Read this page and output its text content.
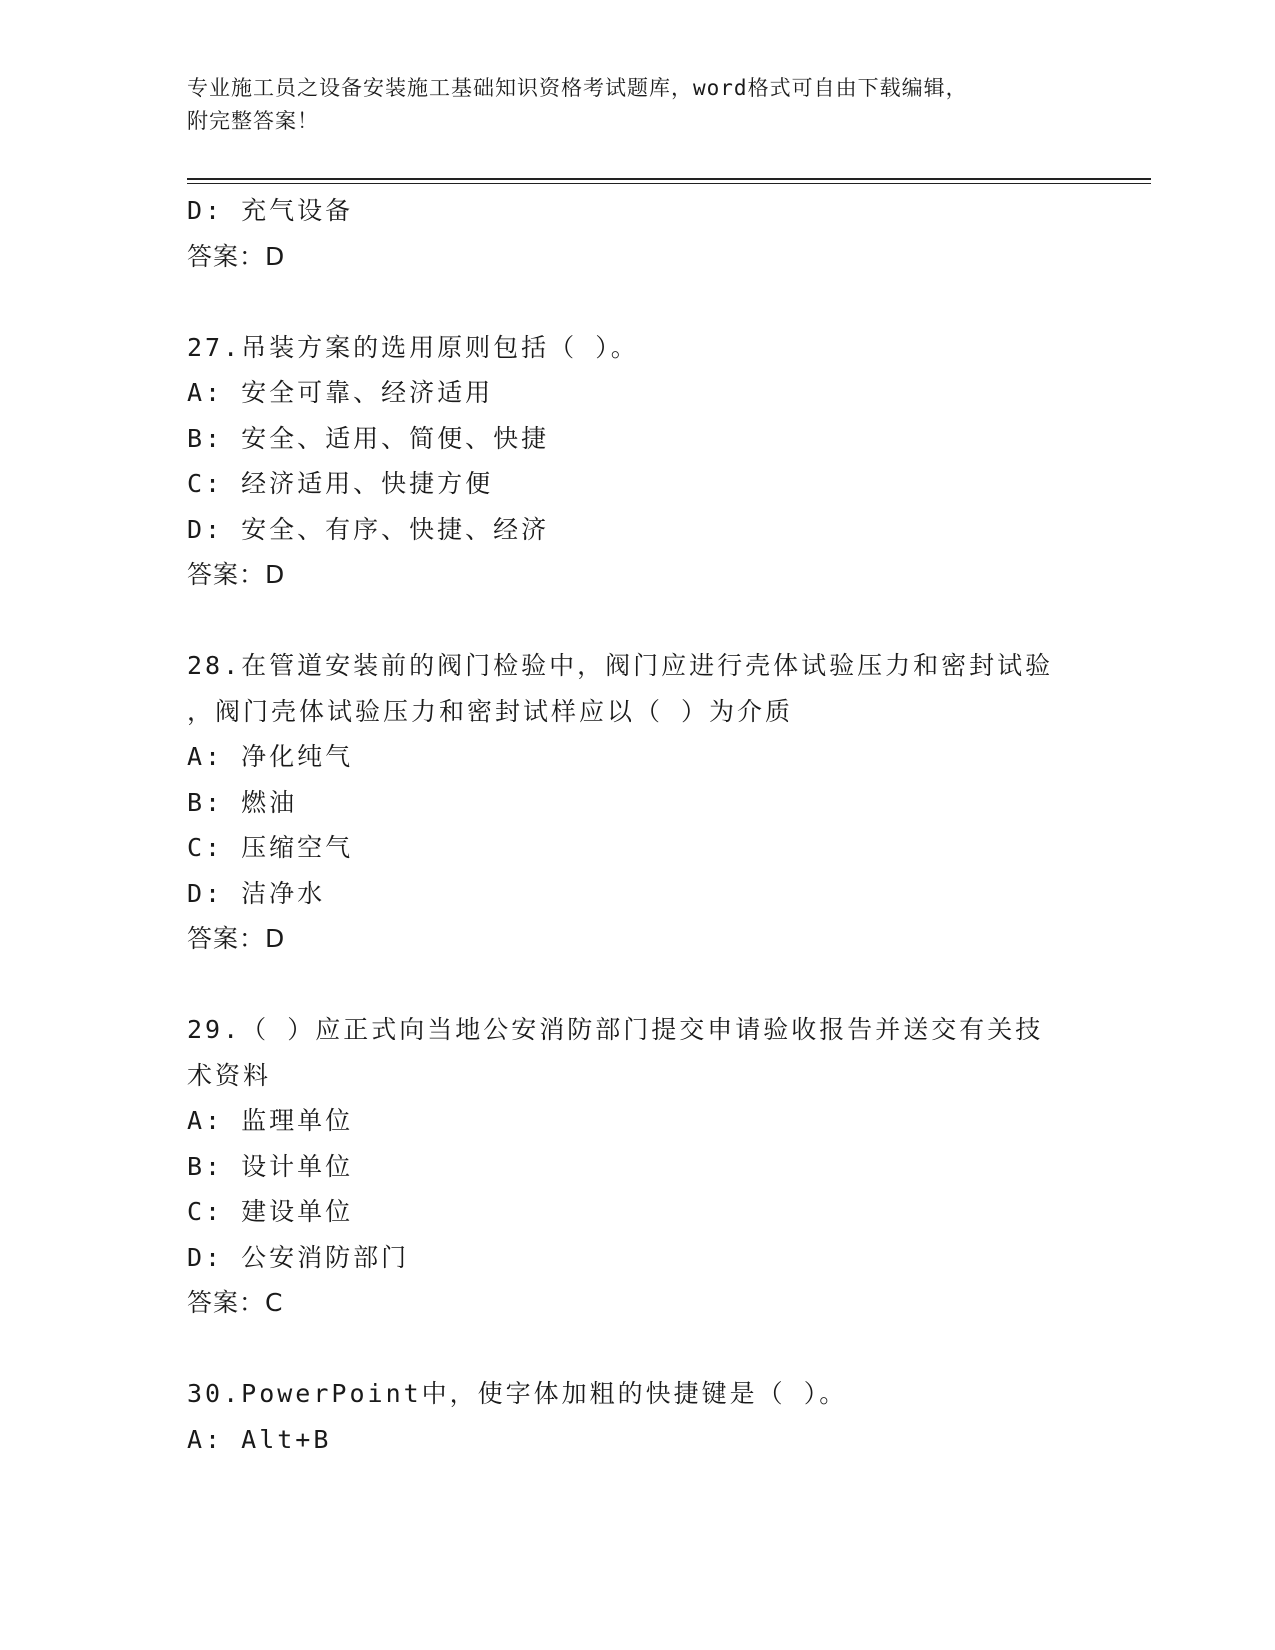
专业施工员之设备安装施工基础知识资格考试题库，word格式可自由下载编辑，
附完整答案！
D: 充气设备
答案：D
27.吊装方案的选用原则包括（ ）。
A: 安全可靠、经济适用
B: 安全、适用、简便、快捷
C: 经济适用、快捷方便
D: 安全、有序、快捷、经济
答案：D
28.在管道安装前的阀门检验中，阀门应进行壳体试验压力和密封试验
，阀门壳体试验压力和密封试样应以（ ）为介质
A: 净化纯气
B: 燃油
C: 压缩空气
D: 洁净水
答案：D
29.（ ）应正式向当地公安消防部门提交申请验收报告并送交有关技
术资料
A: 监理单位
B: 设计单位
C: 建设单位
D: 公安消防部门
答案：C
30.PowerPoint中，使字体加粗的快捷键是（ ）。
A: Alt+B
